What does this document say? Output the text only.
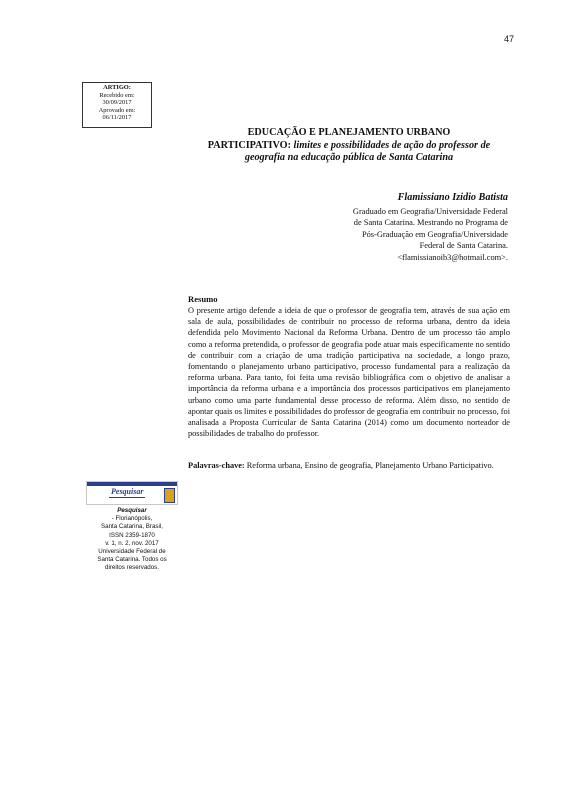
47
ARTIGO:
Recebido em:
30/09/2017
Aprovado em:
06/11/2017
EDUCAÇÃO E PLANEJAMENTO URBANO
PARTICIPATIVO: limites e possibilidades de ação do professor de
geografia na educação pública de Santa Catarina
Flamissiano Izidio Batista
Graduado em Geografia/Universidade Federal
de Santa Catarina. Mestrando no Programa de
Pós-Graduação em Geografia/Universidade
Federal de Santa Catarina.
<flamissianoib3@hotmail.com>.
Resumo
O presente artigo defende a ideia de que o professor de geografia tem, através de sua ação em sala de aula, possibilidades de contribuir no processo de reforma urbana, dentro da ideia defendida pelo Movimento Nacional da Reforma Urbana. Dentro de um processo tão amplo como a reforma pretendida, o professor de geografia pode atuar mais especificamente no sentido de contribuir com a criação de uma tradição participativa na sociedade, a longo prazo, fomentando o planejamento urbano participativo, processo fundamental para a realização da reforma urbana. Para tanto, foi feita uma revisão bibliográfica com o objetivo de analisar a importância da reforma urbana e a importância dos processos participativos em planejamento urbano como uma parte fundamental desse processo de reforma. Além disso, no sentido de apontar quais os limites e possibilidades do professor de geografia em contribuir no processo, foi analisada a Proposta Curricular de Santa Catarina (2014) como um documento norteador de possibilidades de trabalho do professor.
Palavras-chave: Reforma urbana, Ensino de geografia, Planejamento Urbano Participativo.
Pesquisar
Pesquisar
- Florianópolis,
Santa Catarina, Brasil,
ISSN 2359-1870
v. 1, n. 2, nov. 2017
Universidade Federal de
Santa Catarina. Todos os
direitos reservados.
